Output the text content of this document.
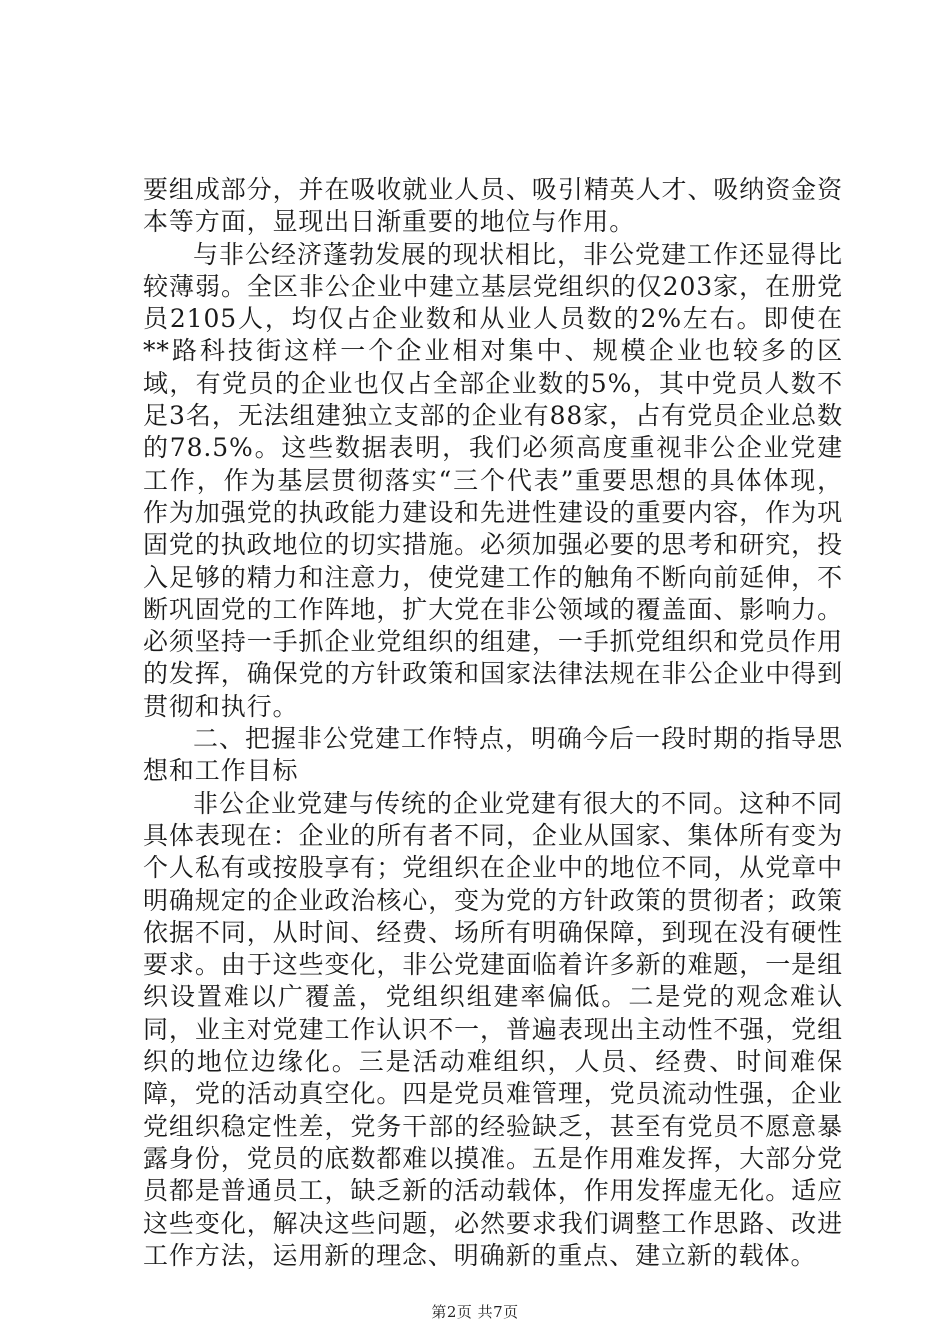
要组成部分，并在吸收就业人员、吸引精英人才、吸纳资金资本等方面，显现出日渐重要的地位与作用。

与非公经济蓬勃发展的现状相比，非公党建工作还显得比较薄弱。全区非公企业中建立基层党组织的仅203家，在册党员2105人，均仅占企业数和从业人员数的2%左右。即使在**路科技街这样一个企业相对集中、规模企业也较多的区域，有党员的企业也仅占全部企业数的5%，其中党员人数不足3名，无法组建独立支部的企业有88家，占有党员企业总数的78.5%。这些数据表明，我们必须高度重视非公企业党建工作，作为基层贯彻落实“三个代表”重要思想的具体体现，作为加强党的执政能力建设和先进性建设的重要内容，作为巩固党的执政地位的切实措施。必须加强必要的思考和研究，投入足够的精力和注意力，使党建工作的触角不断向前延伸，不断巩固党的工作阵地，扩大党在非公领域的覆盖面、影响力。必须坚持一手抓企业党组织的组建，一手抓党组织和党员作用的发挥，确保党的方针政策和国家法律法规在非公企业中得到贯彻和执行。

二、把握非公党建工作特点，明确今后一段时期的指导思想和工作目标

非公企业党建与传统的企业党建有很大的不同。这种不同具体表现在：企业的所有者不同，企业从国家、集体所有变为个人私有或按股享有；党组织在企业中的地位不同，从党章中明确规定的企业政治核心，变为党的方针政策的贯彻者；政策依据不同，从时间、经费、场所有明确保障，到现在没有硬性要求。由于这些变化，非公党建面临着许多新的难题，一是组织设置难以广覆盖，党组织组建率偏低。二是党的观念难认同，业主对党建工作认识不一，普遍表现出主动性不强，党组织的地位边缘化。三是活动难组织，人员、经费、时间难保障，党的活动真空化。四是党员难管理，党员流动性强，企业党组织稳定性差，党务干部的经验缺乏，甚至有党员不愿意暴露身份，党员的底数都难以摸准。五是作用难发挥，大部分党员都是普通员工，缺乏新的活动载体，作用发挥虚无化。适应这些变化，解决这些问题，必然要求我们调整工作思路、改进工作方法，运用新的理念、明确新的重点、建立新的载体。

第2页 共7页
